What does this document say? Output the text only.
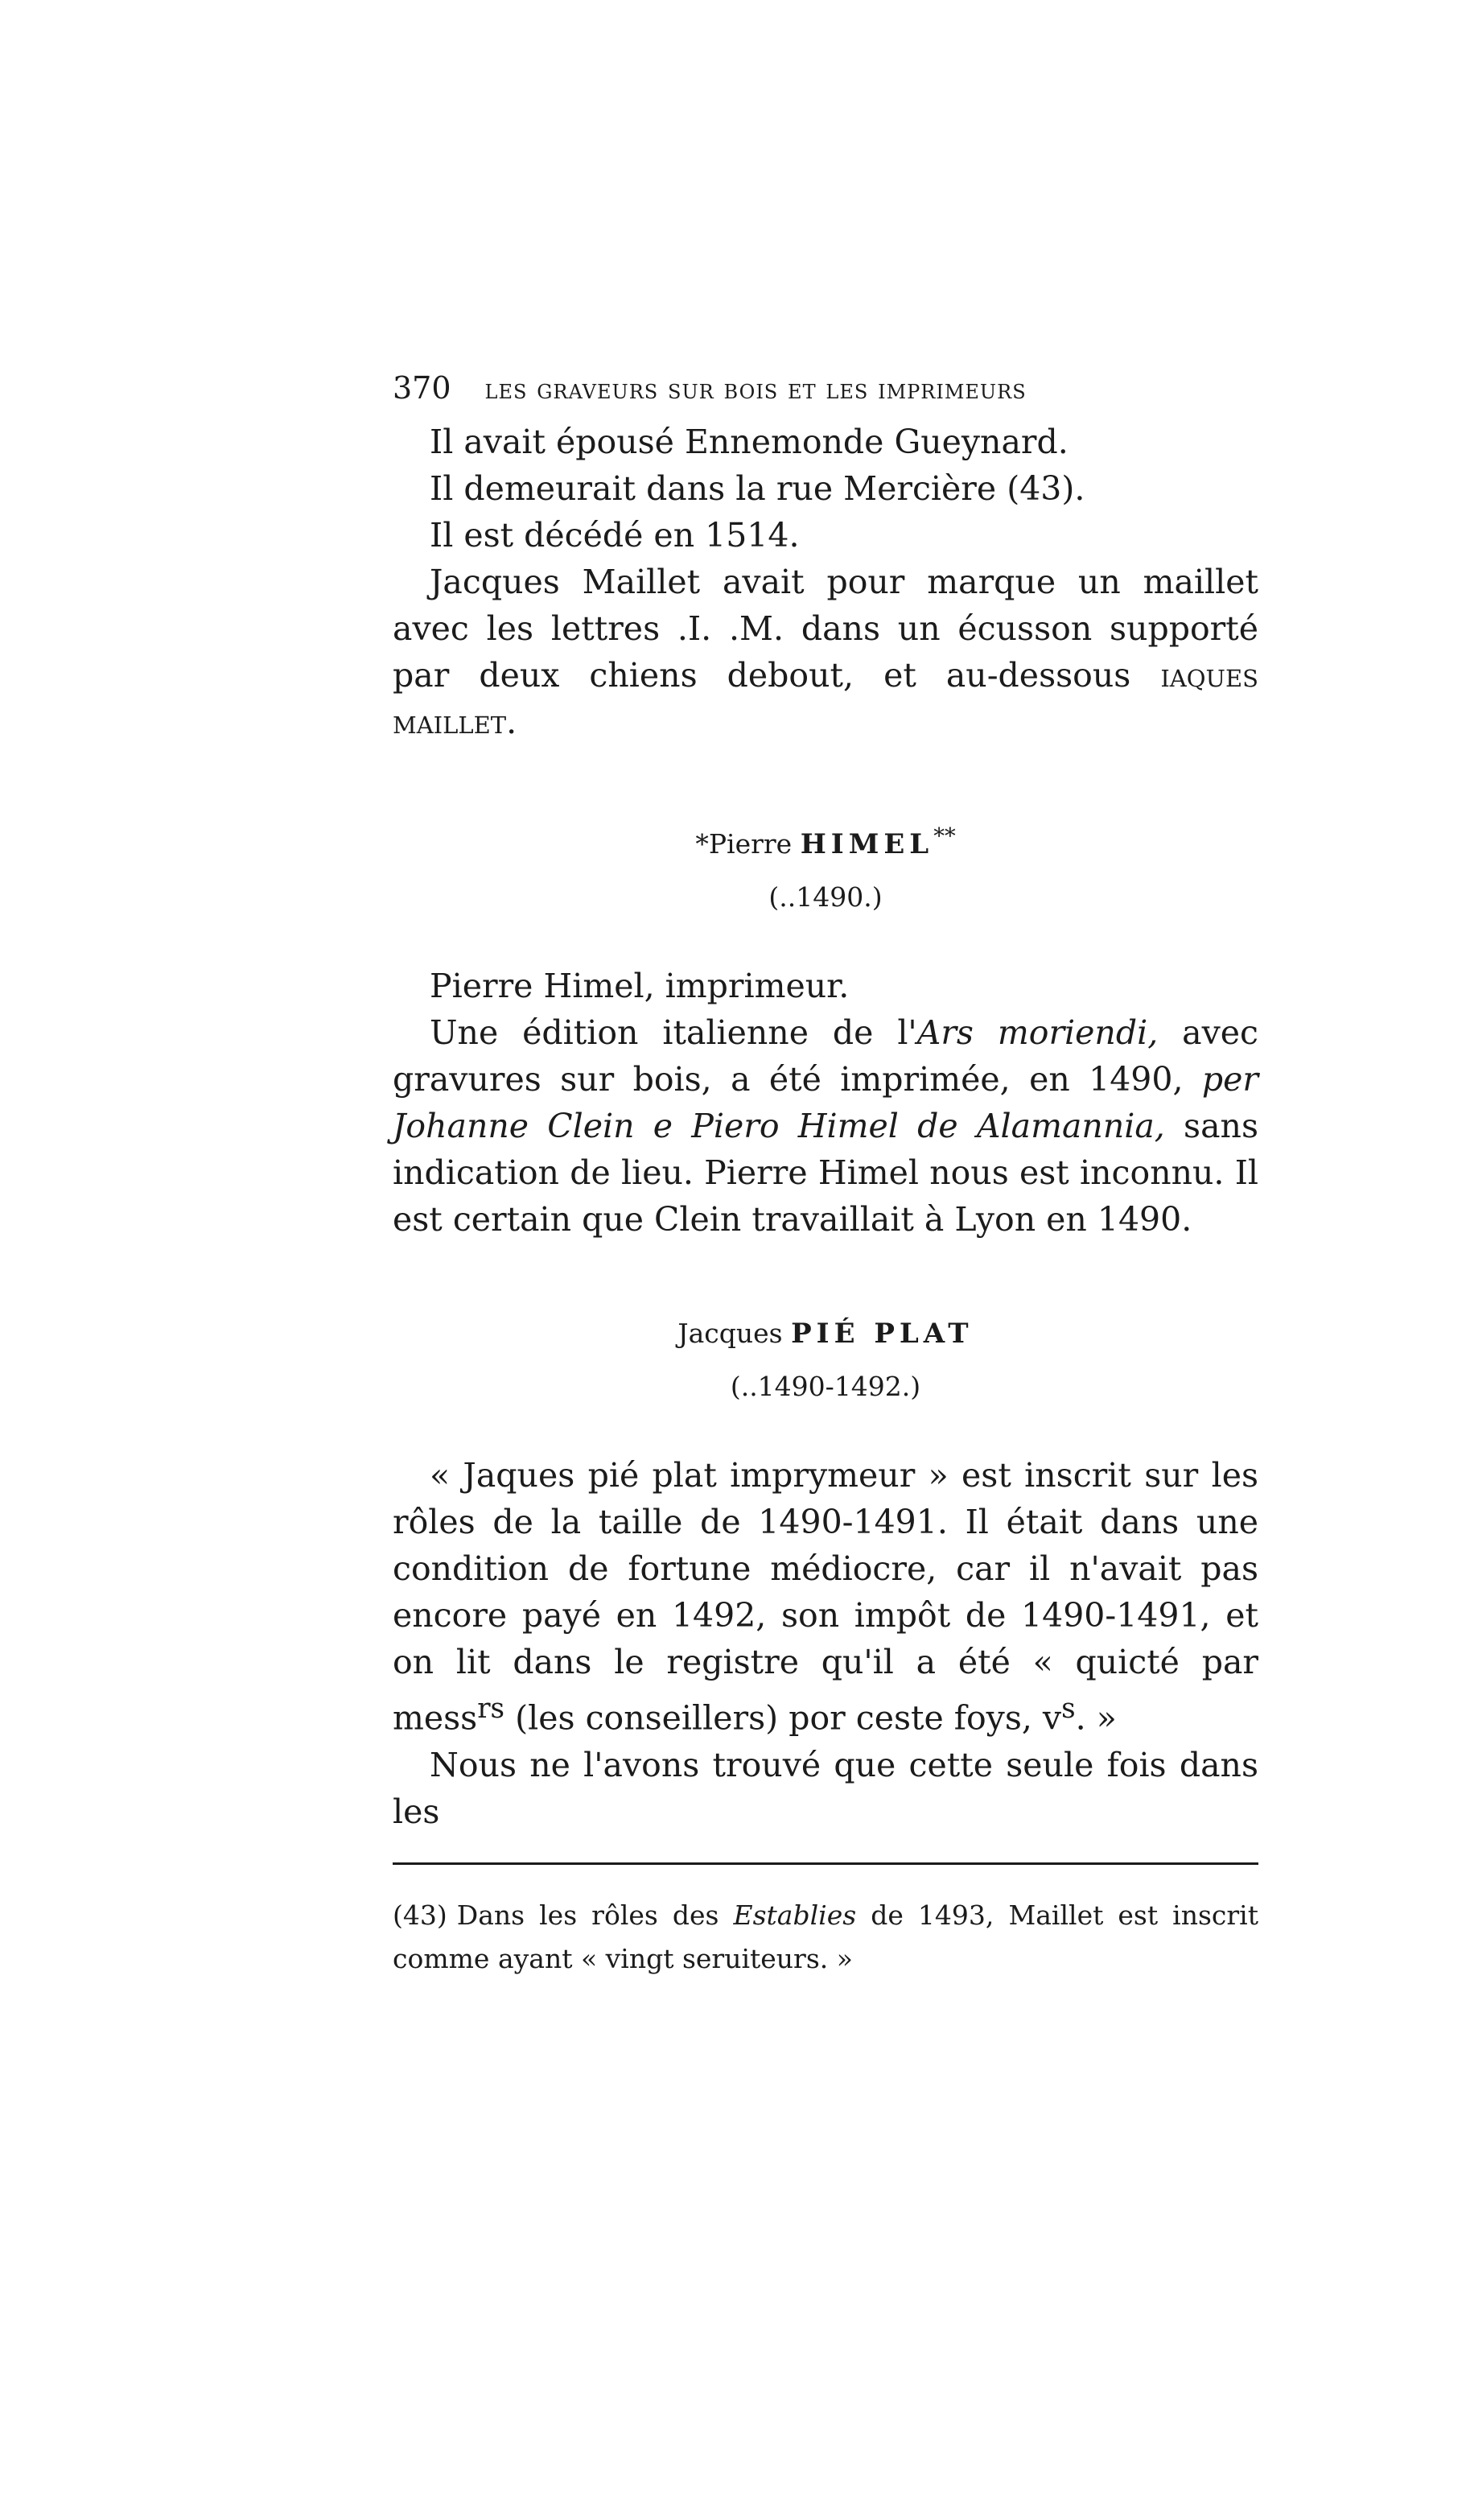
370 les graveurs sur bois et les imprimeurs

Il avait épousé Ennemonde Gueynard.

Il demeurait dans la rue Mercière (43).

Il est décédé en 1514.

Jacques Maillet avait pour marque un maillet avec les lettres .I. .M. dans un écusson supporté par deux chiens debout, et au-dessous iaques maillet.

*Pierre HIMEL**
(..1490.)

Pierre Himel, imprimeur.

Une édition italienne de l'Ars moriendi, avec gravures sur bois, a été imprimée, en 1490, per Johanne Clein e Piero Himel de Alamannia, sans indication de lieu. Pierre Himel nous est inconnu. Il est certain que Clein travaillait à Lyon en 1490.

Jacques PIÉ PLAT
(..1490-1492.)

« Jaques pié plat imprymeur » est inscrit sur les rôles de la taille de 1490-1491. Il était dans une condition de fortune médiocre, car il n'avait pas encore payé en 1492, son impôt de 1490-1491, et on lit dans le registre qu'il a été « quicté par mess$^{rs}$ (les conseillers) por ceste foys, $v^s$. »

Nous ne l'avons trouvé que cette seule fois dans les

(43) Dans les rôles des Establies de 1493, Maillet est inscrit comme ayant « vingt seruiteurs. »
